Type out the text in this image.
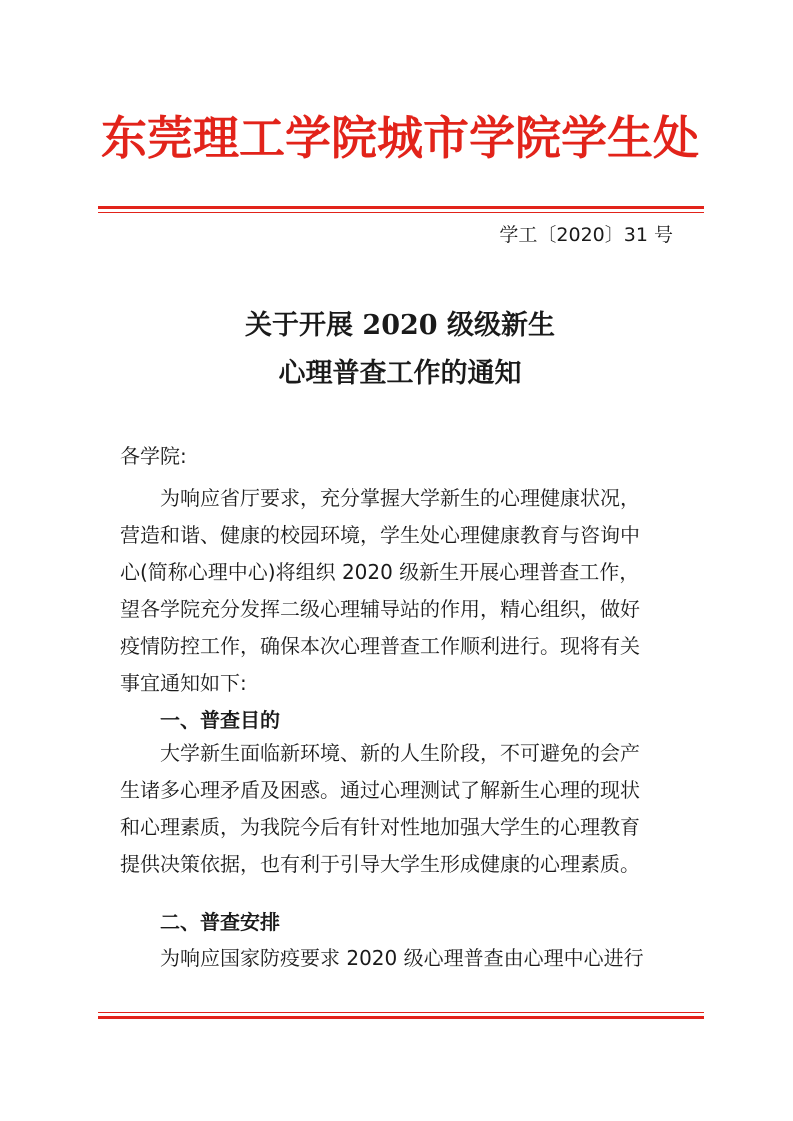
东莞理工学院城市学院学生处
学工〔2020〕31 号
关于开展 2020 级级新生
心理普查工作的通知
各学院:
为响应省厅要求，充分掌握大学新生的心理健康状况，
营造和谐、健康的校园环境，学生处心理健康教育与咨询中
心(简称心理中心)将组织 2020 级新生开展心理普查工作，
望各学院充分发挥二级心理辅导站的作用，精心组织，做好
疫情防控工作，确保本次心理普查工作顺利进行。现将有关
事宜通知如下:
一、普查目的
大学新生面临新环境、新的人生阶段，不可避免的会产
生诸多心理矛盾及困惑。通过心理测试了解新生心理的现状
和心理素质，为我院今后有针对性地加强大学生的心理教育
提供决策依据，也有利于引导大学生形成健康的心理素质。
二、普查安排
为响应国家防疫要求 2020 级心理普查由心理中心进行
